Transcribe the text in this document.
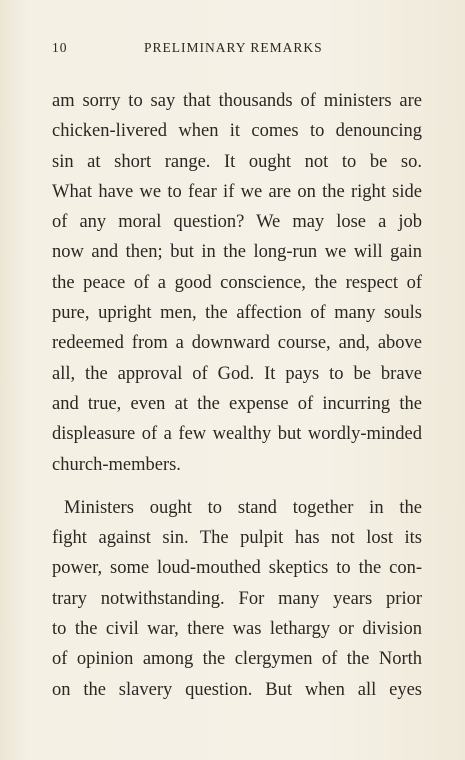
10	PRELIMINARY REMARKS
am sorry to say that thousands of ministers are
chicken-livered when it comes to denouncing
sin at short range. It ought not to be so.
What have we to fear if we are on the right side
of any moral question? We may lose a job
now and then; but in the long-run we will gain
the peace of a good conscience, the respect of
pure, upright men, the affection of many souls
redeemed from a downward course, and, above
all, the approval of God. It pays to be brave
and true, even at the expense of incurring the
displeasure of a few wealthy but wordly-minded
church-members.
Ministers ought to stand together in the
fight against sin. The pulpit has not lost its
power, some loud-mouthed skeptics to the con-
trary notwithstanding. For many years prior
to the civil war, there was lethargy or division
of opinion among the clergymen of the North
on the slavery question. But when all eyes
